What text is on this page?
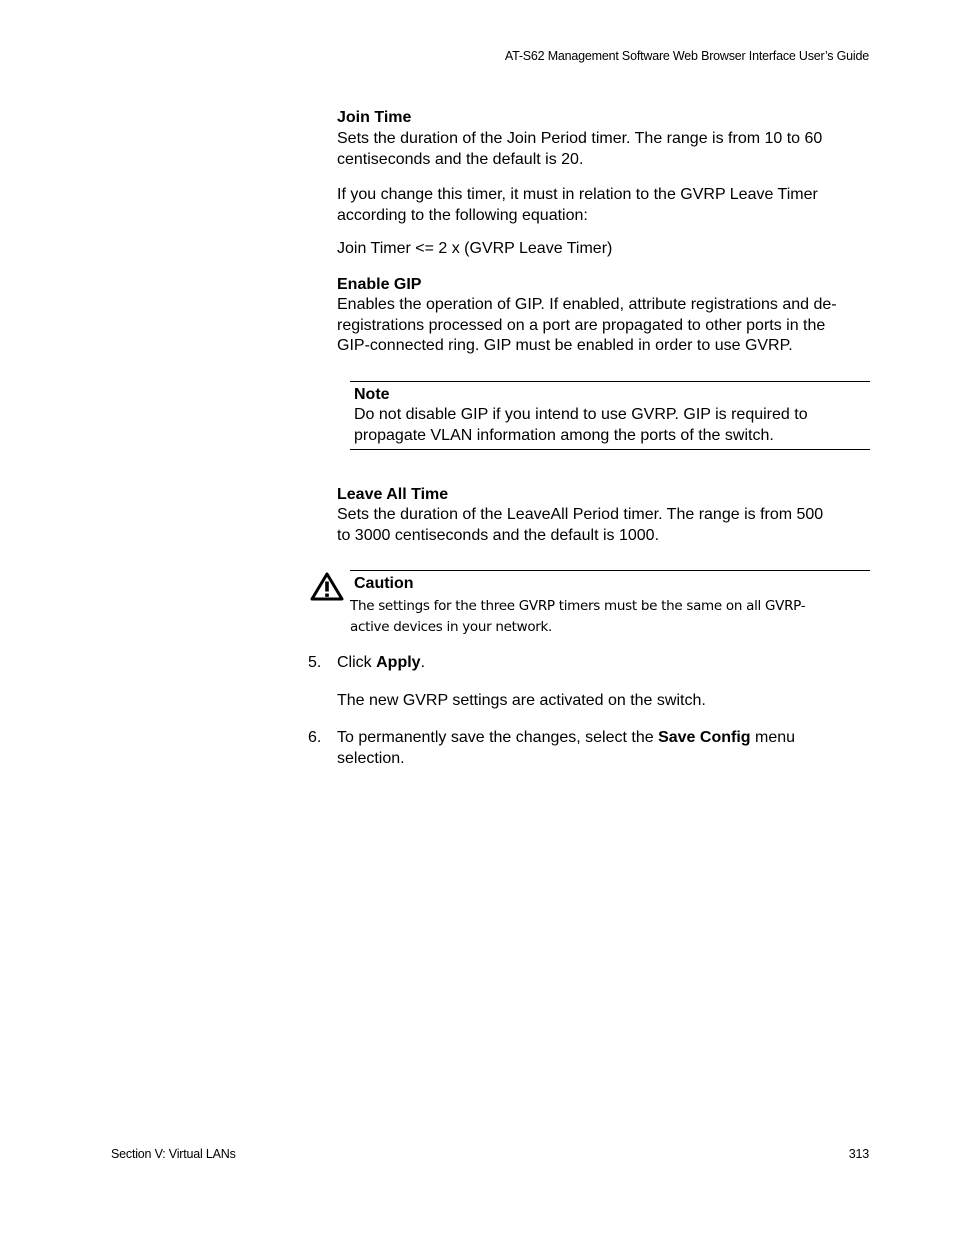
AT-S62 Management Software Web Browser Interface User’s Guide
Join Time
Sets the duration of the Join Period timer. The range is from 10 to 60
centiseconds and the default is 20.
If you change this timer, it must in relation to the GVRP Leave Timer
according to the following equation:
Join Timer <= 2 x (GVRP Leave Timer)
Enable GIP
Enables the operation of GIP. If enabled, attribute registrations and de-
registrations processed on a port are propagated to other ports in the
GIP-connected ring. GIP must be enabled in order to use GVRP.
Note
Do not disable GIP if you intend to use GVRP. GIP is required to
propagate VLAN information among the ports of the switch.
Leave All Time
Sets the duration of the LeaveAll Period timer. The range is from 500
to 3000 centiseconds and the default is 1000.
Caution
The settings for the three GVRP timers must be the same on all GVRP-
active devices in your network.
5. Click Apply.
The new GVRP settings are activated on the switch.
6. To permanently save the changes, select the Save Config menu
selection.
Section V: Virtual LANs	313
